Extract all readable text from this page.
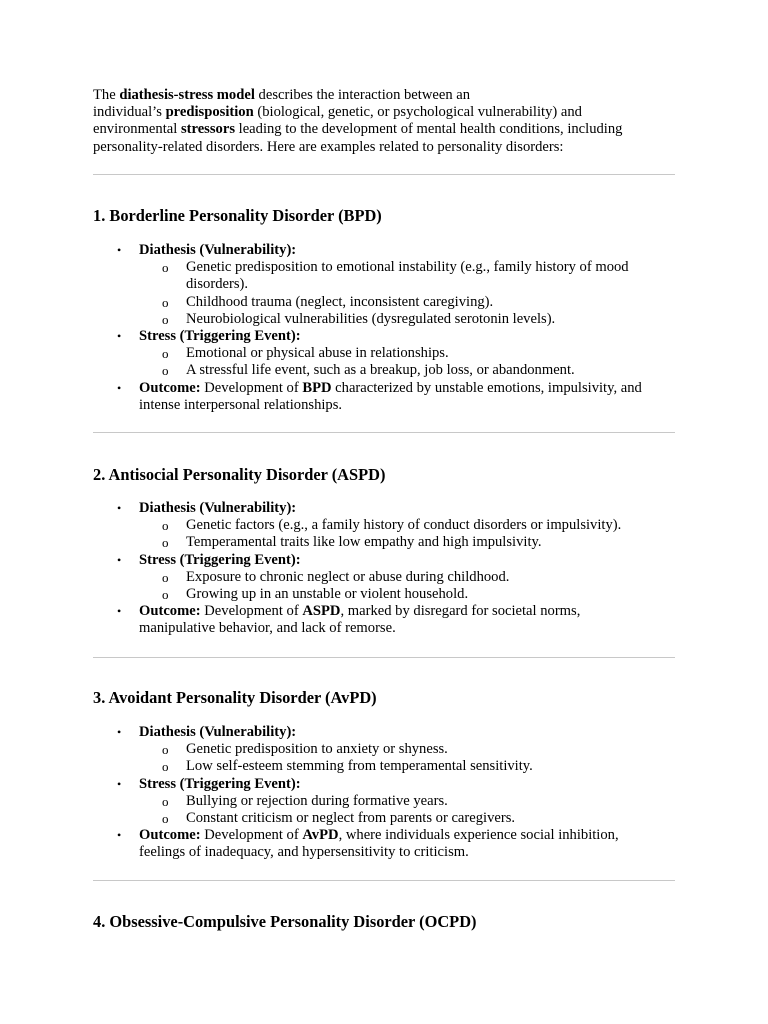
The diathesis-stress model describes the interaction between an
individual’s predisposition (biological, genetic, or psychological vulnerability) and
environmental stressors leading to the development of mental health conditions, including
personality-related disorders. Here are examples related to personality disorders:

1. Borderline Personality Disorder (BPD)
• Diathesis (Vulnerability):
o Genetic predisposition to emotional instability (e.g., family history of mood
disorders).
o Childhood trauma (neglect, inconsistent caregiving).
o Neurobiological vulnerabilities (dysregulated serotonin levels).
• Stress (Triggering Event):
o Emotional or physical abuse in relationships.
o A stressful life event, such as a breakup, job loss, or abandonment.
• Outcome: Development of BPD characterized by unstable emotions, impulsivity, and
intense interpersonal relationships.
2. Antisocial Personality Disorder (ASPD)
• Diathesis (Vulnerability):
o Genetic factors (e.g., a family history of conduct disorders or impulsivity).
o Temperamental traits like low empathy and high impulsivity.
• Stress (Triggering Event):
o Exposure to chronic neglect or abuse during childhood.
o Growing up in an unstable or violent household.
• Outcome: Development of ASPD, marked by disregard for societal norms,
manipulative behavior, and lack of remorse.
3. Avoidant Personality Disorder (AvPD)
• Diathesis (Vulnerability):
o Genetic predisposition to anxiety or shyness.
o Low self-esteem stemming from temperamental sensitivity.
• Stress (Triggering Event):
o Bullying or rejection during formative years.
o Constant criticism or neglect from parents or caregivers.
• Outcome: Development of AvPD, where individuals experience social inhibition,
feelings of inadequacy, and hypersensitivity to criticism.
4. Obsessive-Compulsive Personality Disorder (OCPD)
